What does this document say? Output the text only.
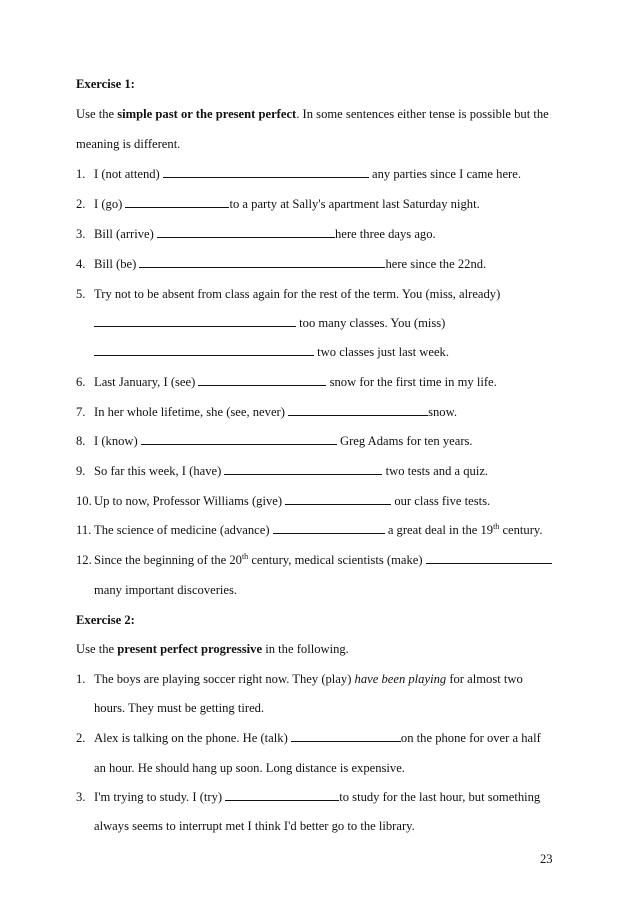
Exercise 1:
Use the simple past or the present perfect. In some sentences either tense is possible but the
meaning is different.
1. I (not attend)	any parties since I came here.
2. I (go)	to a party at Sally's apartment last Saturday night.
3. Bill (arrive)	here three days ago.
4. Bill (be)	here since the 22nd.
5. Try not to be absent from class again for the rest of the term. You (miss, already)
too many classes. You (miss)
two classes just last week.
6. Last January, I (see)	snow for the first time in my life.
7. In her whole lifetime, she (see, never)	snow.
8. I (know)	Greg Adams for ten years.
9. So far this week, I (have)	two tests and a quiz.
10. Up to now, Professor Williams (give)	our class five tests.
11. The science of medicine (advance)	a great deal in the 19th century.
12. Since the beginning of the 20th century, medical scientists (make)
many important discoveries.
Exercise 2:
Use the present perfect progressive in the following.
1. The boys are playing soccer right now. They (play) have been playing for almost two
hours. They must be getting tired.
2. Alex is talking on the phone. He (talk)	on the phone for over a half
an hour. He should hang up soon. Long distance is expensive.
3. I'm trying to study. I (try)	to study for the last hour, but something
always seems to interrupt met I think I'd better go to the library.
23
